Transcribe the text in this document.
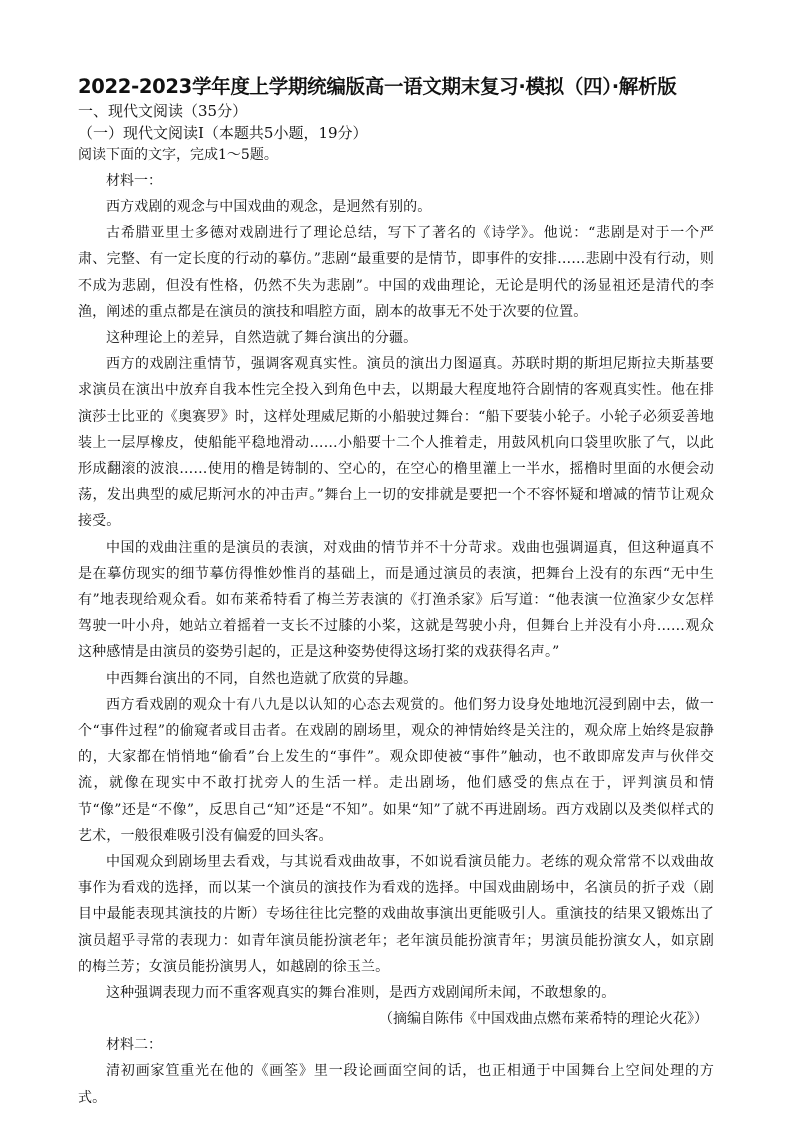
2022-2023学年度上学期统编版高一语文期末复习·模拟（四）·解析版

一、现代文阅读（35分）

（一）现代文阅读Ⅰ（本题共5小题，19分）

阅读下面的文字，完成1～5题。

材料一：

西方戏剧的观念与中国戏曲的观念，是迥然有别的。

古希腊亚里士多德对戏剧进行了理论总结，写下了著名的《诗学》。他说：“悲剧是对于一个严肃、完整、有一定长度的行动的摹仿。”悲剧“最重要的是情节，即事件的安排……悲剧中没有行动，则不成为悲剧，但没有性格，仍然不失为悲剧”。中国的戏曲理论，无论是明代的汤显祖还是清代的李渔，阐述的重点都是在演员的演技和唱腔方面，剧本的故事无不处于次要的位置。

这种理论上的差异，自然造就了舞台演出的分疆。

西方的戏剧注重情节，强调客观真实性。演员的演出力图逼真。苏联时期的斯坦尼斯拉夫斯基要求演员在演出中放弃自我本性完全投入到角色中去，以期最大程度地符合剧情的客观真实性。他在排演莎士比亚的《奥赛罗》时，这样处理威尼斯的小船驶过舞台：“船下要装小轮子。小轮子必须妥善地装上一层厚橡皮，使船能平稳地滑动……小船要十二个人推着走，用鼓风机向口袋里吹胀了气，以此形成翻滚的波浪……使用的橹是铸制的、空心的，在空心的橹里灌上一半水，摇橹时里面的水便会动荡，发出典型的威尼斯河水的冲击声。”舞台上一切的安排就是要把一个不容怀疑和增减的情节让观众接受。

中国的戏曲注重的是演员的表演，对戏曲的情节并不十分苛求。戏曲也强调逼真，但这种逼真不是在摹仿现实的细节摹仿得惟妙惟肖的基础上，而是通过演员的表演，把舞台上没有的东西“无中生有”地表现给观众看。如布莱希特看了梅兰芳表演的《打渔杀家》后写道：“他表演一位渔家少女怎样驾驶一叶小舟，她站立着摇着一支长不过膝的小桨，这就是驾驶小舟，但舞台上并没有小舟……观众这种感情是由演员的姿势引起的，正是这种姿势使得这场打桨的戏获得名声。”

中西舞台演出的不同，自然也造就了欣赏的异趣。

西方看戏剧的观众十有八九是以认知的心态去观赏的。他们努力设身处地地沉浸到剧中去，做一个“事件过程”的偷窥者或目击者。在戏剧的剧场里，观众的神情始终是关注的，观众席上始终是寂静的，大家都在悄悄地“偷看”台上发生的“事件”。观众即使被“事件”触动，也不敢即席发声与伙伴交流，就像在现实中不敢打扰旁人的生活一样。走出剧场，他们感受的焦点在于，评判演员和情节“像”还是“不像”，反思自己“知”还是“不知”。如果“知”了就不再进剧场。西方戏剧以及类似样式的艺术，一般很难吸引没有偏爱的回头客。

中国观众到剧场里去看戏，与其说看戏曲故事，不如说看演员能力。老练的观众常常不以戏曲故事作为看戏的选择，而以某一个演员的演技作为看戏的选择。中国戏曲剧场中，名演员的折子戏（剧目中最能表现其演技的片断）专场往往比完整的戏曲故事演出更能吸引人。重演技的结果又锻炼出了演员超乎寻常的表现力：如青年演员能扮演老年；老年演员能扮演青年；男演员能扮演女人，如京剧的梅兰芳；女演员能扮演男人，如越剧的徐玉兰。

这种强调表现力而不重客观真实的舞台准则，是西方戏剧闻所未闻，不敢想象的。

（摘编自陈伟《中国戏曲点燃布莱希特的理论火花》）

材料二：

清初画家笪重光在他的《画筌》里一段论画面空间的话，也正相通于中国舞台上空间处理的方式。
